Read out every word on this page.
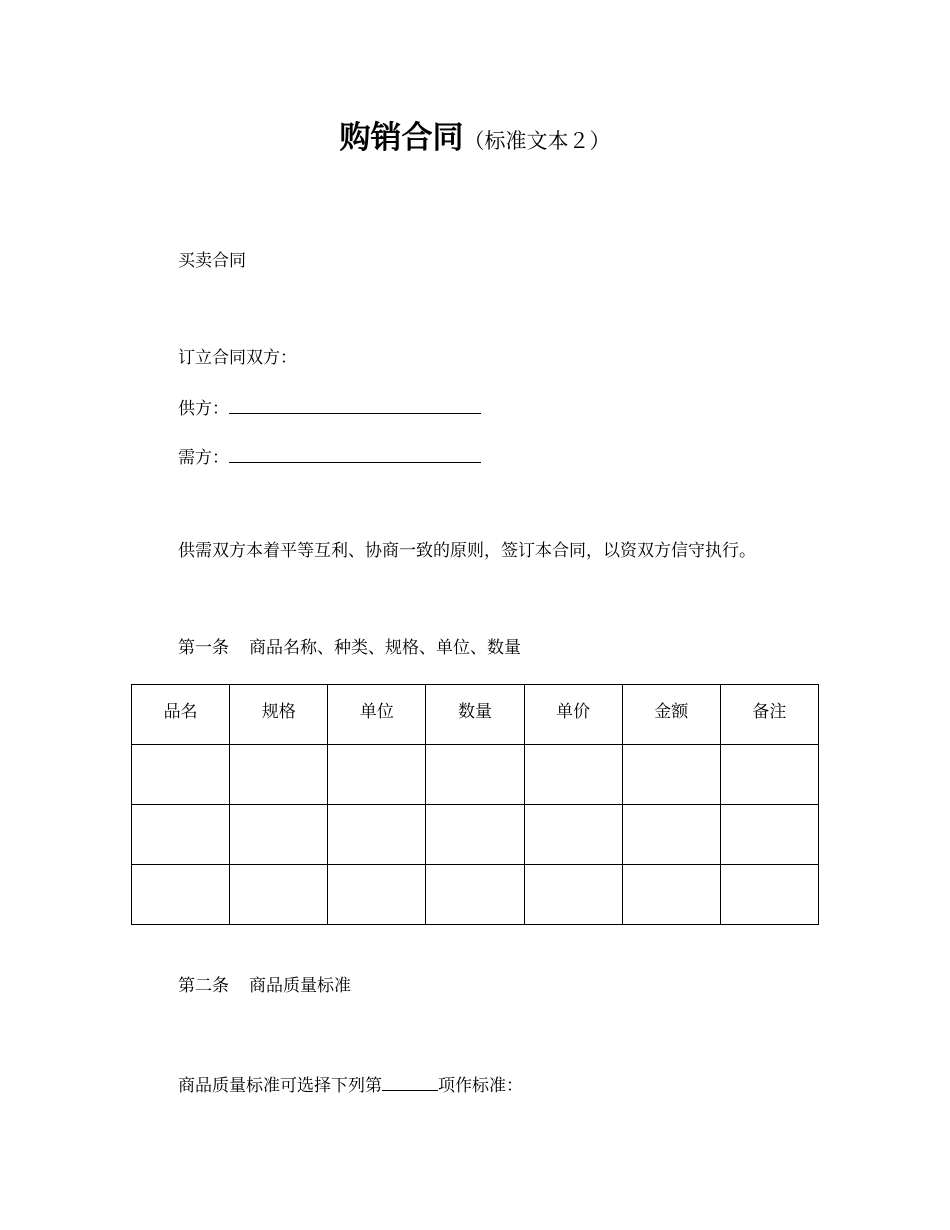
购销合同（标准文本２）
买卖合同
订立合同双方：
供方：
需方：
供需双方本着平等互利、协商一致的原则，签订本合同，以资双方信守执行。
第一条 商品名称、种类、规格、单位、数量
品名	规格	单位	数量	单价	金额	备注

第二条 商品质量标准
商品质量标准可选择下列第	项作标准：
